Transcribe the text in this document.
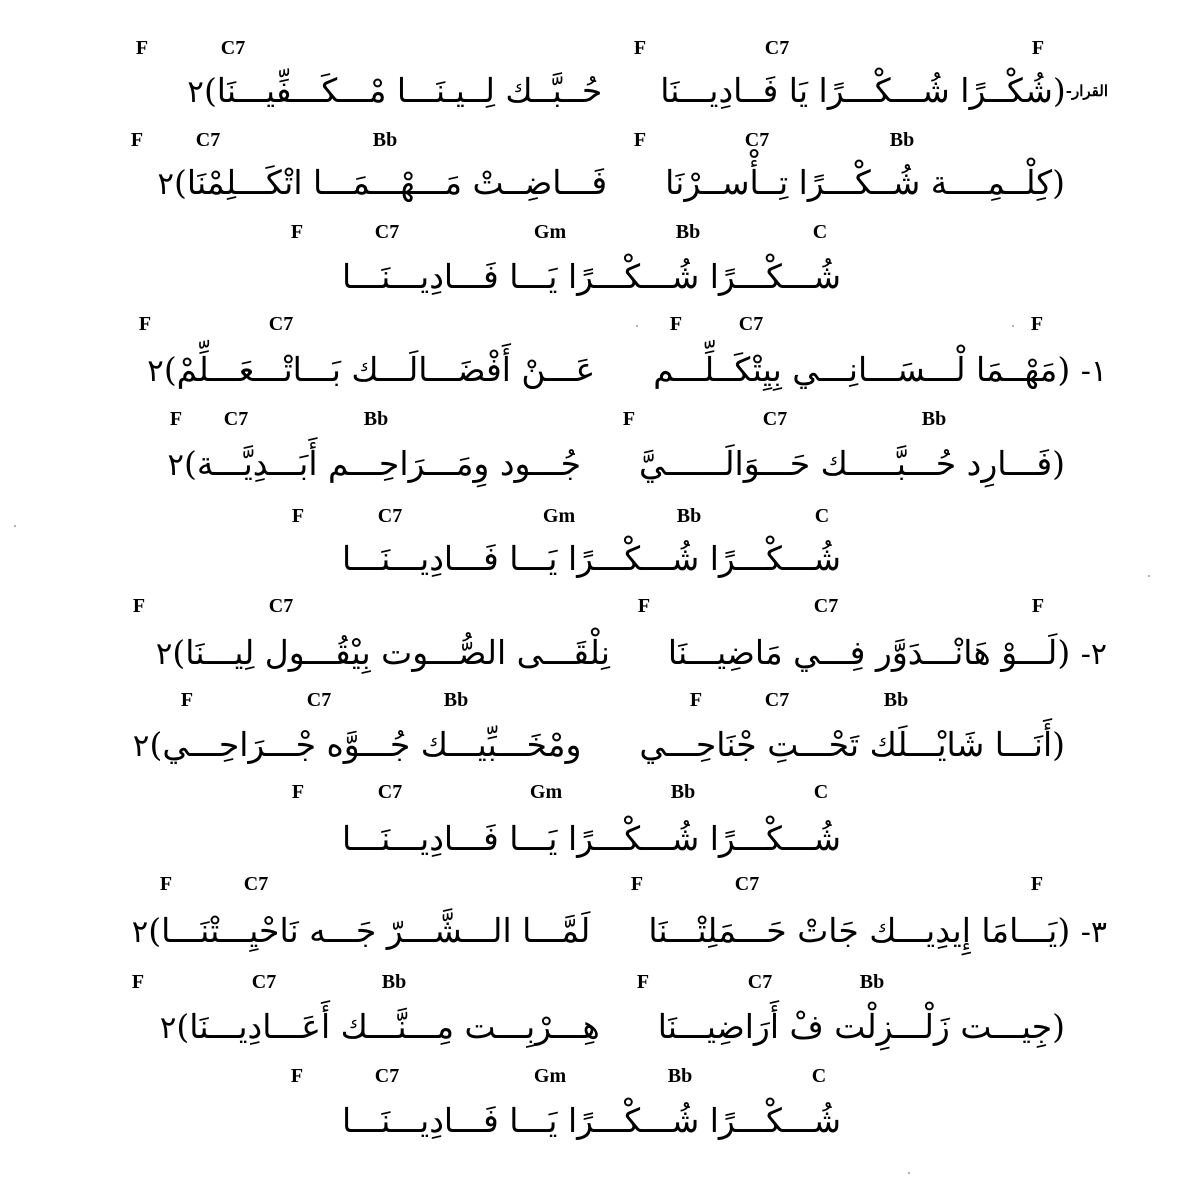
F	C7	F	C7	F
القرار-(شُكْــرًا شُـــكْـــرًا يَا فَــادِيـــنَاحُــبَّــك لِــيـنَـــا مْـــكَـــفِّيـــنَا)٢
F	C7	Bb	F	C7	Bb
(كِلْــمِــــة شُــكْـــرًا تِــأْســرْنَافَـــاضِــتْ مَـــهْـــمَـــا اتْكَـــلِمْنَا)٢
F	C7	Gm	Bb	C
شُـــكْـــرًا شُـــكْـــرًا يَـــا فَـــادِيـــنَـــا
F	C7	F	C7	F
١- (مَهْــمَا لْـــسَـــانِـــي بِيِتْكَــلِّـــمعَـــنْ أَفْضَـــالَـــك بَـــاتْـــعَـــلِّمْ)٢
F C7	Bb	F	C7	Bb
(فَـــارِد حُـــبَّـــــك حَـــوَالَــــــيَّجُـــود وِمَـــرَاحِـــم أَبَـــدِيَّـــة)٢
F	C7	Gm	Bb	C
شُـــكْـــرًا شُـــكْـــرًا يَـــا فَـــادِيـــنَـــا
F	C7	F	C7	F
٢- (لَـــوْ هَانْـــدَوَّر فِـــي مَاضِيـــنَانِلْقَـــى الصُّـــوت بِيْقُـــول لِيـــنَا)٢
F	C7	Bb	F	C7	Bb
(أَنَـــا شَايْـــلَك تَحْـــتِ جْنَاحِـــيومْخَـــبِّيـــك جُـــوَّه جْـــرَاحِـــي)٢
F	C7	Gm	Bb	C
شُـــكْـــرًا شُـــكْـــرًا يَـــا فَـــادِيـــنَـــا
F	C7	F	C7	F
٣- (يَـــامَا إِيدِيـــك جَاتْ حَـــمَلِتْـــنَالَمَّـــا الـــشَّـــرّ جَـــه نَاحْيِـــتْنَـــا)٢
F	C7	Bb	F	C7	Bb
(جِيـــت زَلْـــزِلْت فْ أَرَاضِيـــنَاهِـــرْبِـــت مِـــنَّـــك أَعَـــادِيـــنَا)٢
F	C7	Gm	Bb	C
شُـــكْـــرًا شُـــكْـــرًا يَـــا فَـــادِيـــنَـــا
